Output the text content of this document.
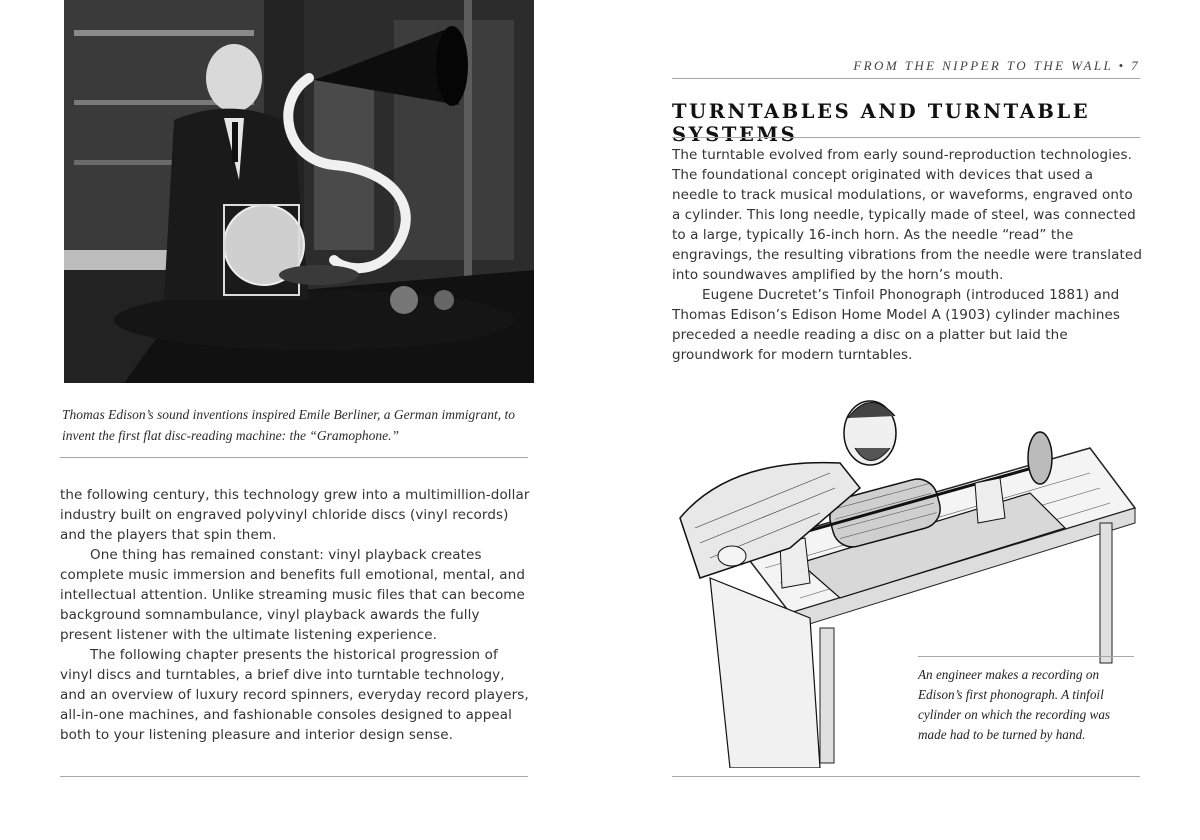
Thomas Edison’s sound inventions inspired Emile Berliner, a German immigrant, to invent the first flat disc-reading machine: the “Gramophone.”

the following century, this technology grew into a multimillion-dollar industry built on engraved polyvinyl chloride discs (vinyl records) and the players that spin them.

One thing has remained constant: vinyl playback creates complete music immersion and benefits full emotional, mental, and intellectual attention. Unlike streaming music files that can become background somnambulance, vinyl playback awards the fully present listener with the ultimate listening experience.

The following chapter presents the historical progression of vinyl discs and turntables, a brief dive into turntable technology, and an overview of luxury record spinners, everyday record players, all-in-one machines, and fashionable consoles designed to appeal both to your listening pleasure and interior design sense.

FROM THE NIPPER TO THE WALL • 7
TURNTABLES AND TURNTABLE SYSTEMS

The turntable evolved from early sound-reproduction technologies. The foundational concept originated with devices that used a needle to track musical modulations, or waveforms, engraved onto a cylinder. This long needle, typically made of steel, was connected to a large, typically 16-inch horn. As the needle “read” the engravings, the resulting vibrations from the needle were translated into soundwaves amplified by the horn’s mouth.

Eugene Ducretet’s Tinfoil Phonograph (introduced 1881) and Thomas Edison’s Edison Home Model A (1903) cylinder machines preceded a needle reading a disc on a platter but laid the groundwork for modern turntables.

An engineer makes a recording on Edison’s first phonograph. A tinfoil cylinder on which the recording was made had to be turned by hand.
